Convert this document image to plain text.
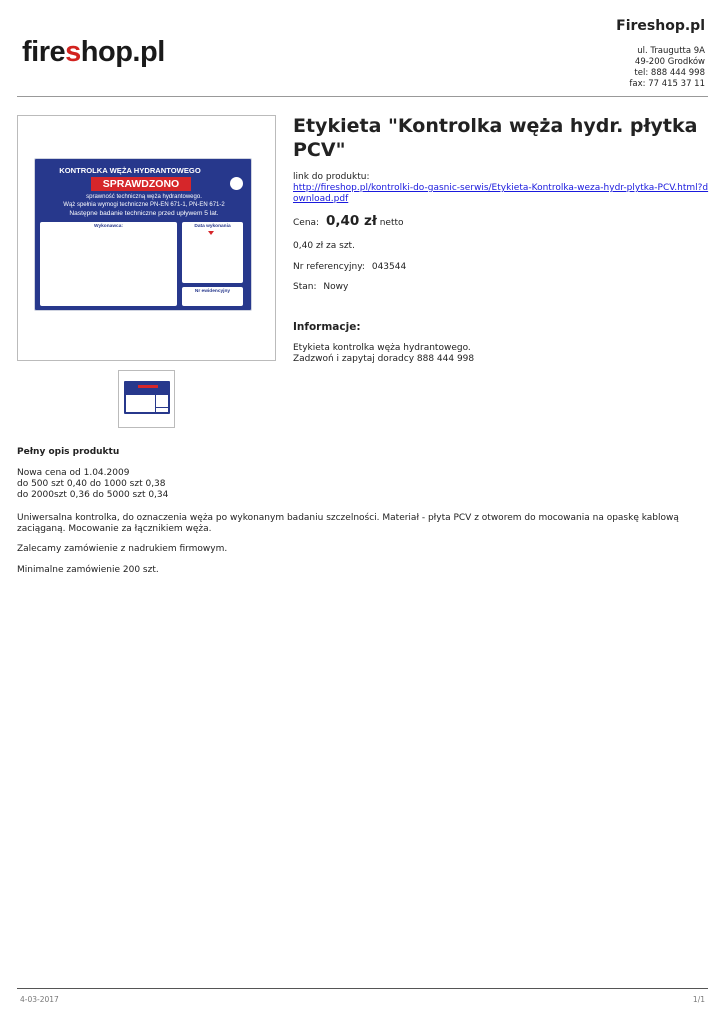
fireshop.pl
Fireshop.pl
ul. Traugutta 9A
49-200 Grodków
tel: 888 444 998
fax: 77 415 37 11
KONTROLKA WĘŻA HYDRANTOWEGO
SPRAWDZONO
sprawność techniczną węża hydrantowego.
Wąż spełnia wymogi techniczne PN-EN 671-1, PN-EN 671-2
Następne badanie techniczne przed upływem 5 lat.
Wykonawca:	Data wykonania
Nr ewidencyjny
Etykieta "Kontrolka węża hydr. płytka PCV"
link do produktu:
http://fireshop.pl/kontrolki-do-gasnic-serwis/Etykieta-Kontrolka-weza-hydr-plytka-PCV.html?download.pdf
Cena: 0,40 zł netto
0,40 zł za szt.
Nr referencyjny: 043544
Stan: Nowy
Informacje:
Etykieta kontrolka węża hydrantowego.
Zadzwoń i zapytaj doradcy 888 444 998
Pełny opis produktu
Nowa cena od 1.04.2009
do 500 szt 0,40 do 1000 szt 0,38
do 2000szt 0,36 do 5000 szt 0,34
Uniwersalna kontrolka, do oznaczenia węża po wykonanym badaniu szczelności. Materiał - płyta PCV z otworem do mocowania na opaskę kablową zaciąganą. Mocowanie za łącznikiem węża.
Zalecamy zamówienie z nadrukiem firmowym.
Minimalne zamówienie 200 szt.
4-03-2017	1/1
